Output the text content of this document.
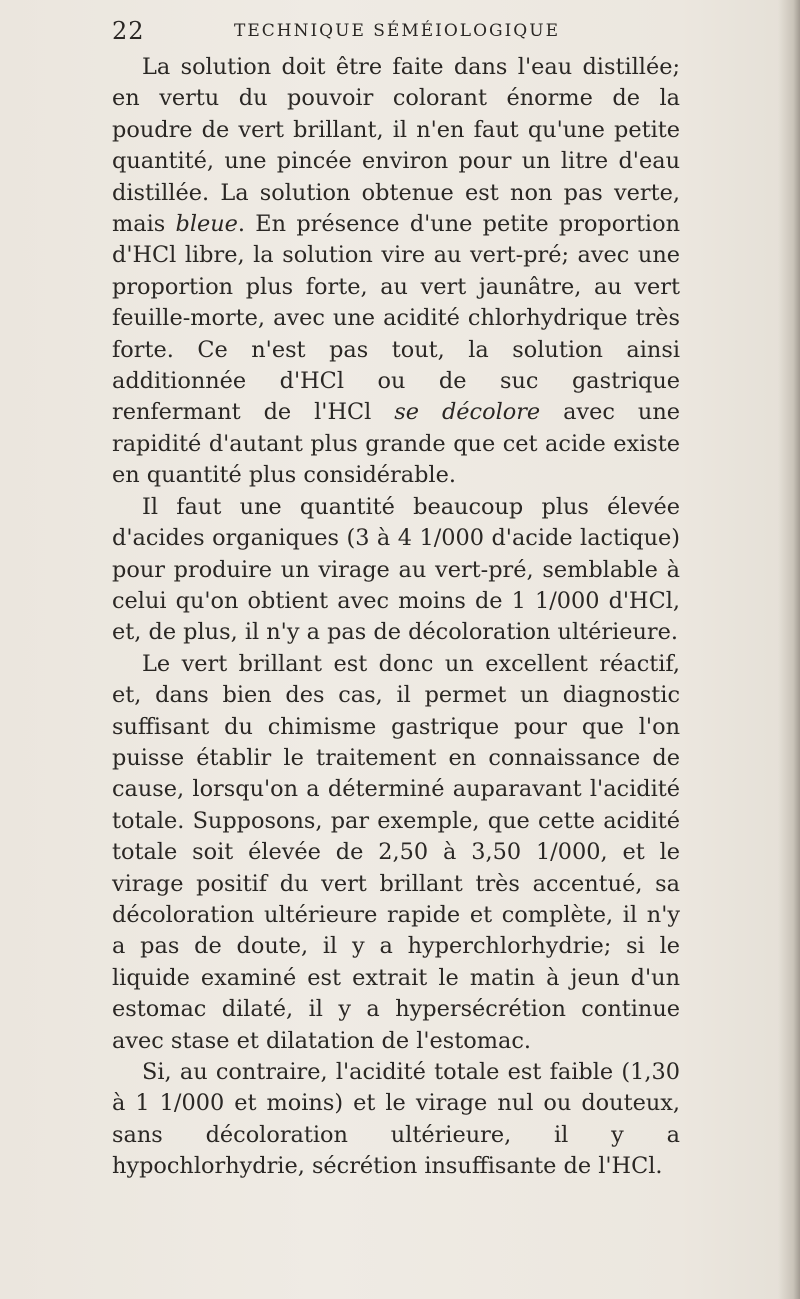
22	TECHNIQUE SÉMÉIOLOGIQUE

La solution doit être faite dans l'eau distillée; en vertu du pouvoir colorant énorme de la poudre de vert brillant, il n'en faut qu'une petite quantité, une pincée environ pour un litre d'eau distillée. La solution obtenue est non pas verte, mais bleue. En présence d'une petite proportion d'HCl libre, la solution vire au vert-pré; avec une proportion plus forte, au vert jaunâtre, au vert feuille-morte, avec une acidité chlorhydrique très forte. Ce n'est pas tout, la solution ainsi additionnée d'HCl ou de suc gastrique renfermant de l'HCl se décolore avec une rapidité d'autant plus grande que cet acide existe en quantité plus considérable.

Il faut une quantité beaucoup plus élevée d'acides organiques (3 à 4 1/000 d'acide lactique) pour produire un virage au vert-pré, semblable à celui qu'on obtient avec moins de 1 1/000 d'HCl, et, de plus, il n'y a pas de décoloration ultérieure.

Le vert brillant est donc un excellent réactif, et, dans bien des cas, il permet un diagnostic suffisant du chimisme gastrique pour que l'on puisse établir le traitement en connaissance de cause, lorsqu'on a déterminé auparavant l'acidité totale. Supposons, par exemple, que cette acidité totale soit élevée de 2,50 à 3,50 1/000, et le virage positif du vert brillant très accentué, sa décoloration ultérieure rapide et complète, il n'y a pas de doute, il y a hyperchlorhydrie; si le liquide examiné est extrait le matin à jeun d'un estomac dilaté, il y a hypersécrétion continue avec stase et dilatation de l'estomac.

Si, au contraire, l'acidité totale est faible (1,30 à 1 1/000 et moins) et le virage nul ou douteux, sans décoloration ultérieure, il y a hypochlorhydrie, sécrétion insuffisante de l'HCl.
